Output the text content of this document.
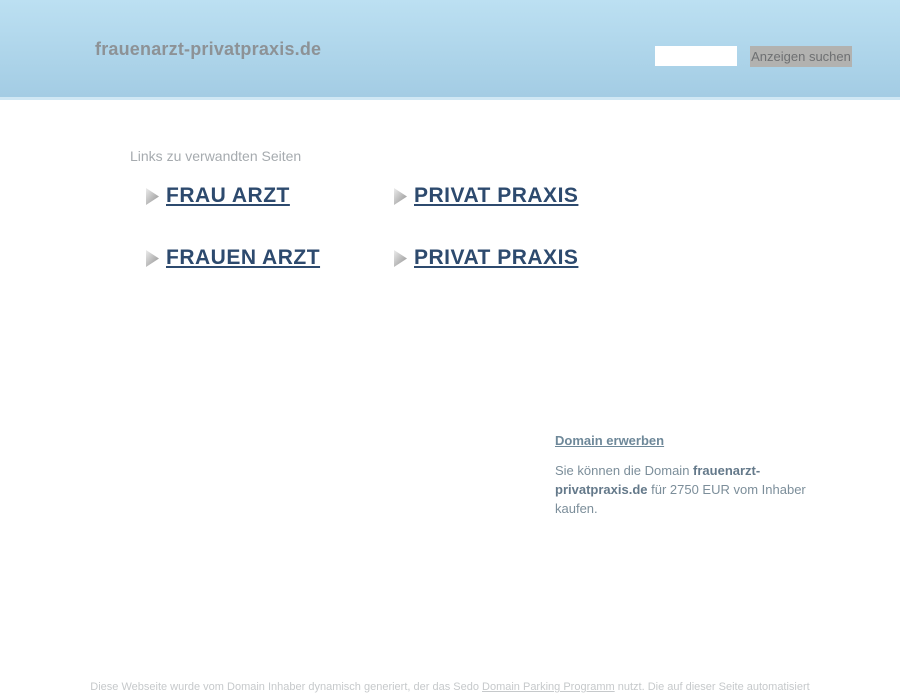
frauenarzt-privatpraxis.de	Anzeigen suchen
Links zu verwandten Seiten
FRAU ARZT	PRIVAT PRAXIS
FRAUEN ARZT	PRIVAT PRAXIS
Domain erwerben
Sie können die Domain frauenarzt-privatpraxis.de für 2750 EUR vom Inhaber kaufen.
Diese Webseite wurde vom Domain Inhaber dynamisch generiert, der das Sedo Domain Parking Programm nutzt. Die auf dieser Seite automatisiert
